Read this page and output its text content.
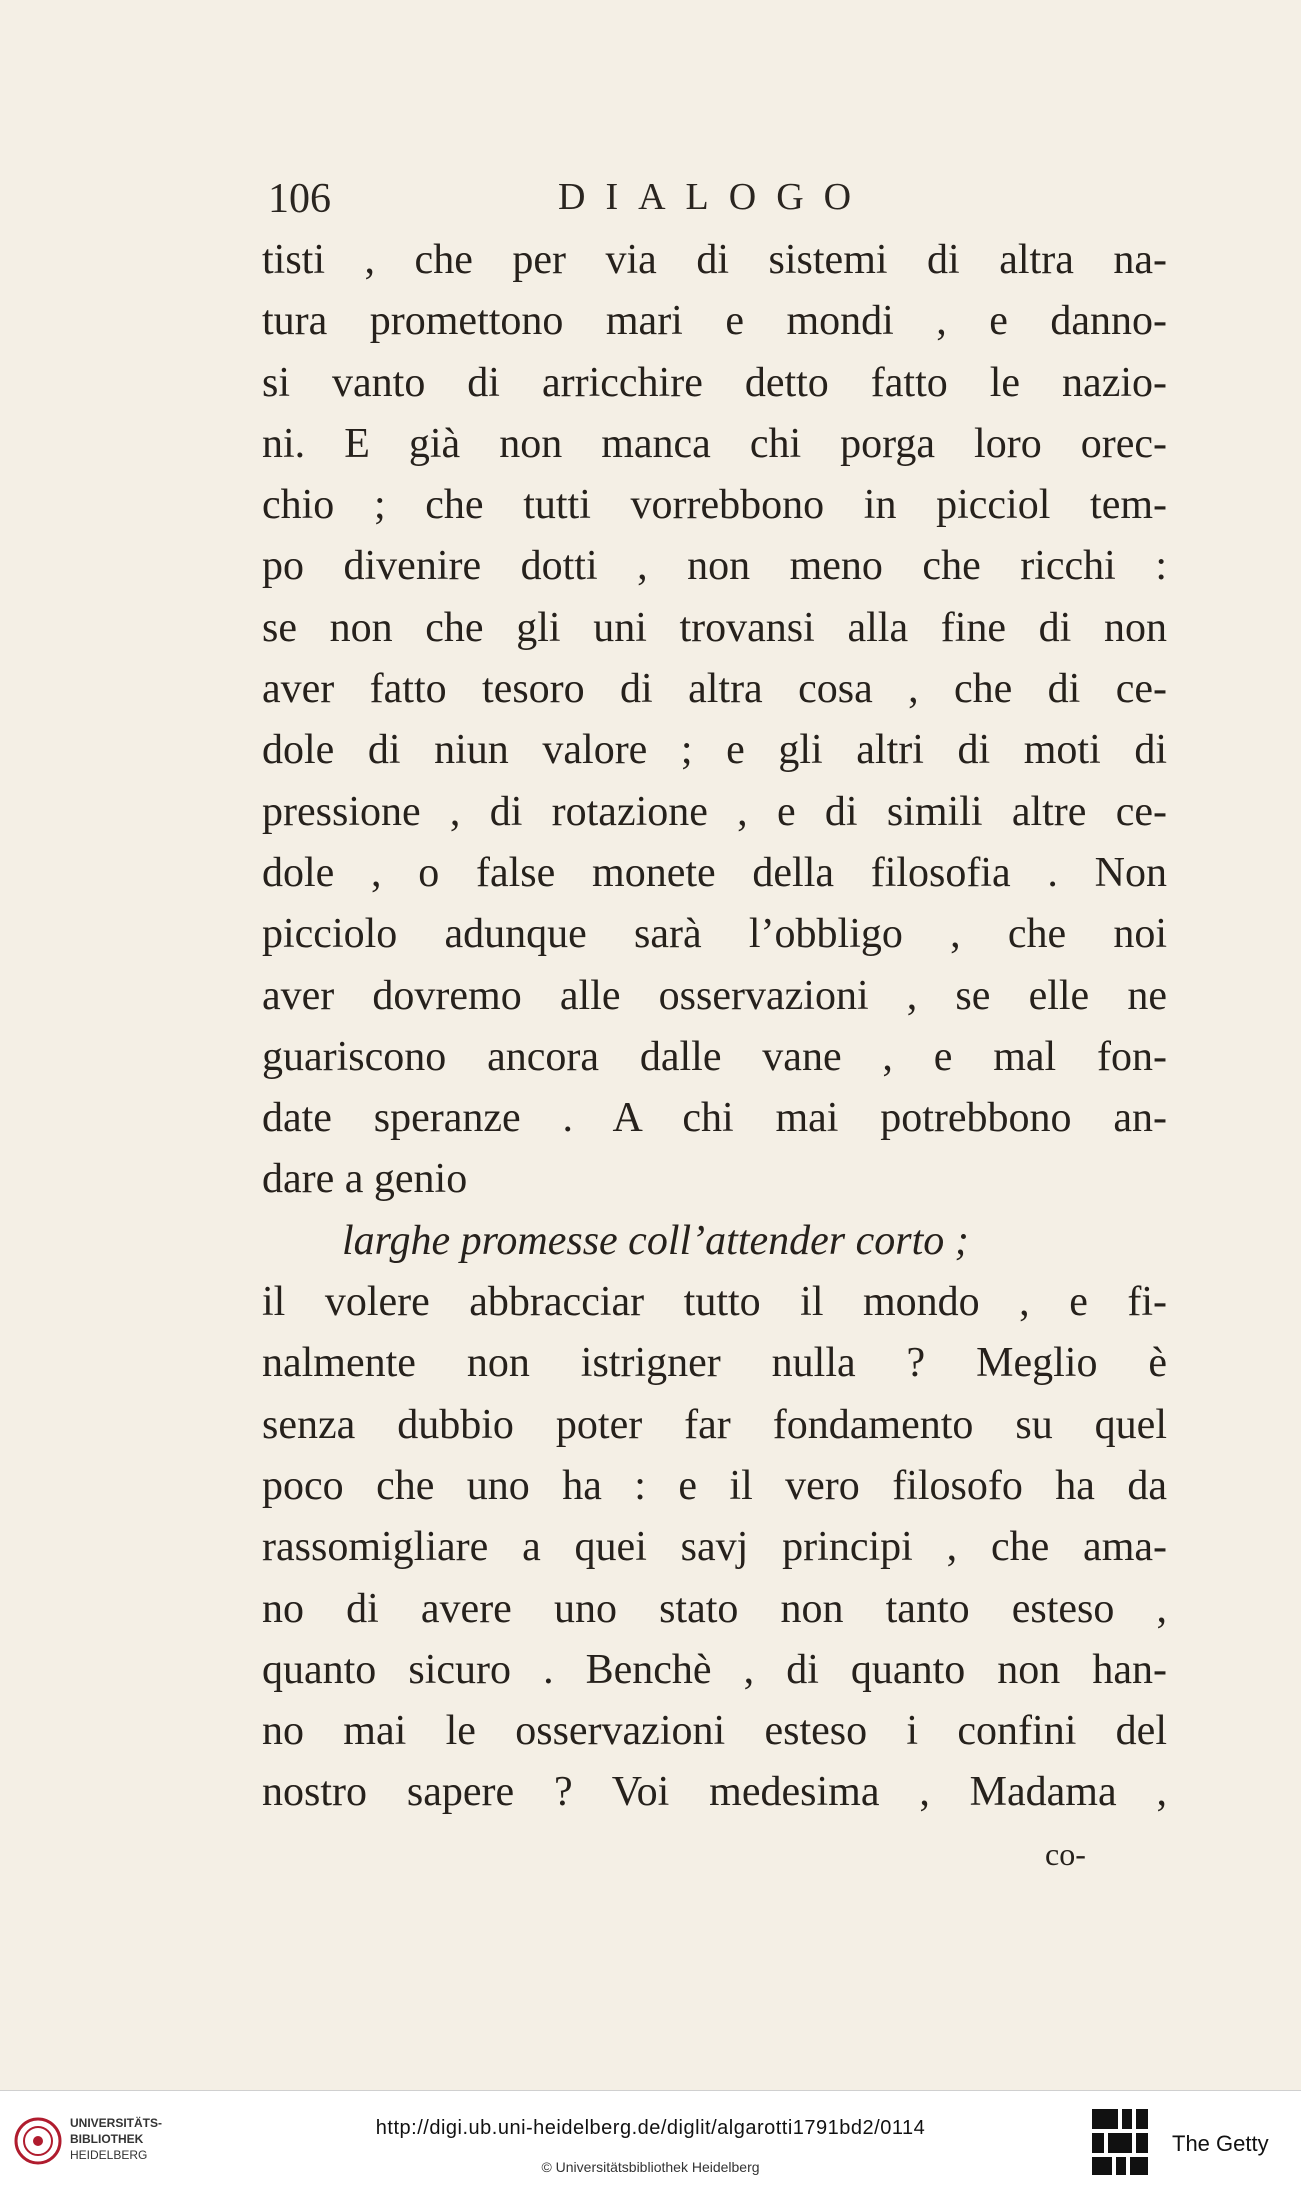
106	DIALOGO
tisti , che per via di sistemi di altra na-
tura promettono mari e mondi , e danno-
si vanto di arricchire detto fatto le nazio-
ni. E già non manca chi porga loro orec-
chio ; che tutti vorrebbono in picciol tem-
po divenire dotti , non meno che ricchi :
se non che gli uni trovansi alla fine di non
aver fatto tesoro di altra cosa , che di ce-
dole di niun valore ; e gli altri di moti di
pressione , di rotazione , e di simili altre ce-
dole , o false monete della filosofia . Non
picciolo adunque sarà l’obbligo , che noi
aver dovremo alle osservazioni , se elle ne
guariscono ancora dalle vane , e mal fon-
date speranze . A chi mai potrebbono an-
dare a genio
larghe promesse coll’attender corto ;
il volere abbracciar tutto il mondo , e fi-
nalmente non istrigner nulla ? Meglio è
senza dubbio poter far fondamento su quel
poco che uno ha : e il vero filosofo ha da
rassomigliare a quei savj principi , che ama-
no di avere uno stato non tanto esteso ,
quanto sicuro . Benchè , di quanto non han-
no mai le osservazioni esteso i confini del
nostro sapere ? Voi medesima , Madama ,
co-
UNIVERSITÄTS-
BIBLIOTHEK
HEIDELBERG
http://digi.ub.uni-heidelberg.de/diglit/algarotti1791bd2/0114
© Universitätsbibliothek Heidelberg
The Getty
